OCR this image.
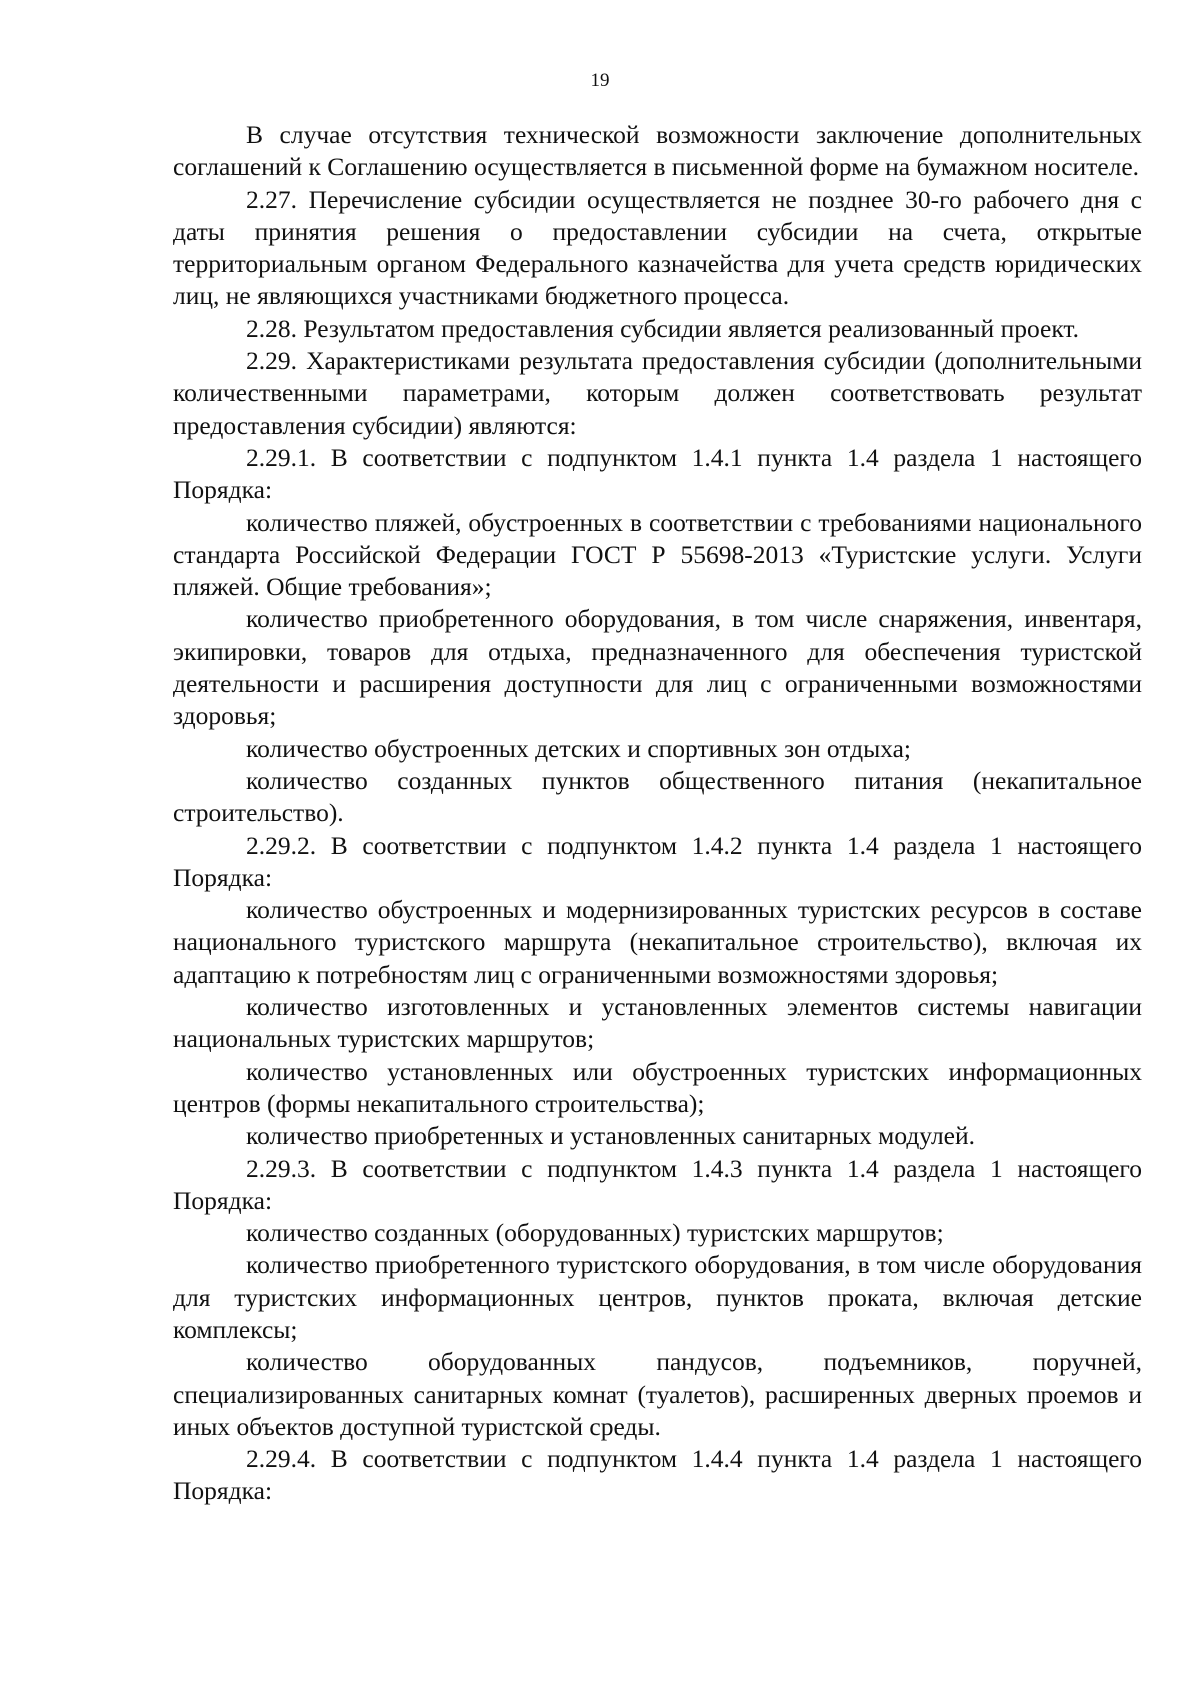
19

В случае отсутствия технической возможности заключение дополнительных соглашений к Соглашению осуществляется в письменной форме на бумажном носителе.

2.27. Перечисление субсидии осуществляется не позднее 30-го рабочего дня с даты принятия решения о предоставлении субсидии на счета, открытые территориальным органом Федерального казначейства для учета средств юридических лиц, не являющихся участниками бюджетного процесса.

2.28. Результатом предоставления субсидии является реализованный проект.

2.29. Характеристиками результата предоставления субсидии (дополнительными количественными параметрами, которым должен соответствовать результат предоставления субсидии) являются:

2.29.1. В соответствии с подпунктом 1.4.1 пункта 1.4 раздела 1 настоящего Порядка:

количество пляжей, обустроенных в соответствии с требованиями национального стандарта Российской Федерации ГОСТ Р 55698-2013 «Туристские услуги. Услуги пляжей. Общие требования»;

количество приобретенного оборудования, в том числе снаряжения, инвентаря, экипировки, товаров для отдыха, предназначенного для обеспечения туристской деятельности и расширения доступности для лиц с ограниченными возможностями здоровья;

количество обустроенных детских и спортивных зон отдыха;

количество созданных пунктов общественного питания (некапитальное строительство).

2.29.2. В соответствии с подпунктом 1.4.2 пункта 1.4 раздела 1 настоящего Порядка:

количество обустроенных и модернизированных туристских ресурсов в составе национального туристского маршрута (некапитальное строительство), включая их адаптацию к потребностям лиц с ограниченными возможностями здоровья;

количество изготовленных и установленных элементов системы навигации национальных туристских маршрутов;

количество установленных или обустроенных туристских информационных центров (формы некапитального строительства);

количество приобретенных и установленных санитарных модулей.

2.29.3. В соответствии с подпунктом 1.4.3 пункта 1.4 раздела 1 настоящего Порядка:

количество созданных (оборудованных) туристских маршрутов;

количество приобретенного туристского оборудования, в том числе оборудования для туристских информационных центров, пунктов проката, включая детские комплексы;

количество оборудованных пандусов, подъемников, поручней, специализированных санитарных комнат (туалетов), расширенных дверных проемов и иных объектов доступной туристской среды.

2.29.4. В соответствии с подпунктом 1.4.4 пункта 1.4 раздела 1 настоящего Порядка:
